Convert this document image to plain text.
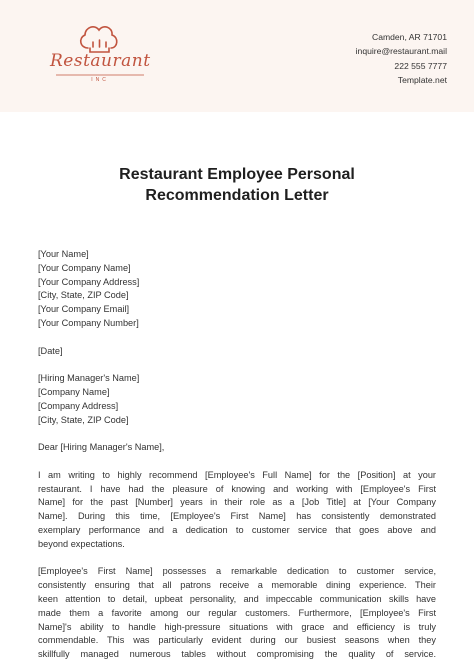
Restaurant
INC
Camden, AR 71701
inquire@restaurant.mail
222 555 7777
Template.net
Restaurant Employee Personal
Recommendation Letter
[Your Name]
[Your Company Name]
[Your Company Address]
[City, State, ZIP Code]
[Your Company Email]
[Your Company Number]
[Date]
[Hiring Manager's Name]
[Company Name]
[Company Address]
[City, State, ZIP Code]
Dear [Hiring Manager's Name],
I am writing to highly recommend [Employee's Full Name] for the [Position] at your
restaurant. I have had the pleasure of knowing and working with [Employee's First
Name] for the past [Number] years in their role as a [Job Title] at [Your Company
Name]. During this time, [Employee's First Name] has consistently demonstrated
exemplary performance and a dedication to customer service that goes above and
beyond expectations.
[Employee's First Name] possesses a remarkable dedication to customer service,
consistently ensuring that all patrons receive a memorable dining experience. Their
keen attention to detail, upbeat personality, and impeccable communication skills have
made them a favorite among our regular customers. Furthermore, [Employee's First
Name]'s ability to handle high-pressure situations with grace and efficiency is truly
commendable. This was particularly evident during our busiest seasons when they
skillfully managed numerous tables without compromising the quality of service.
